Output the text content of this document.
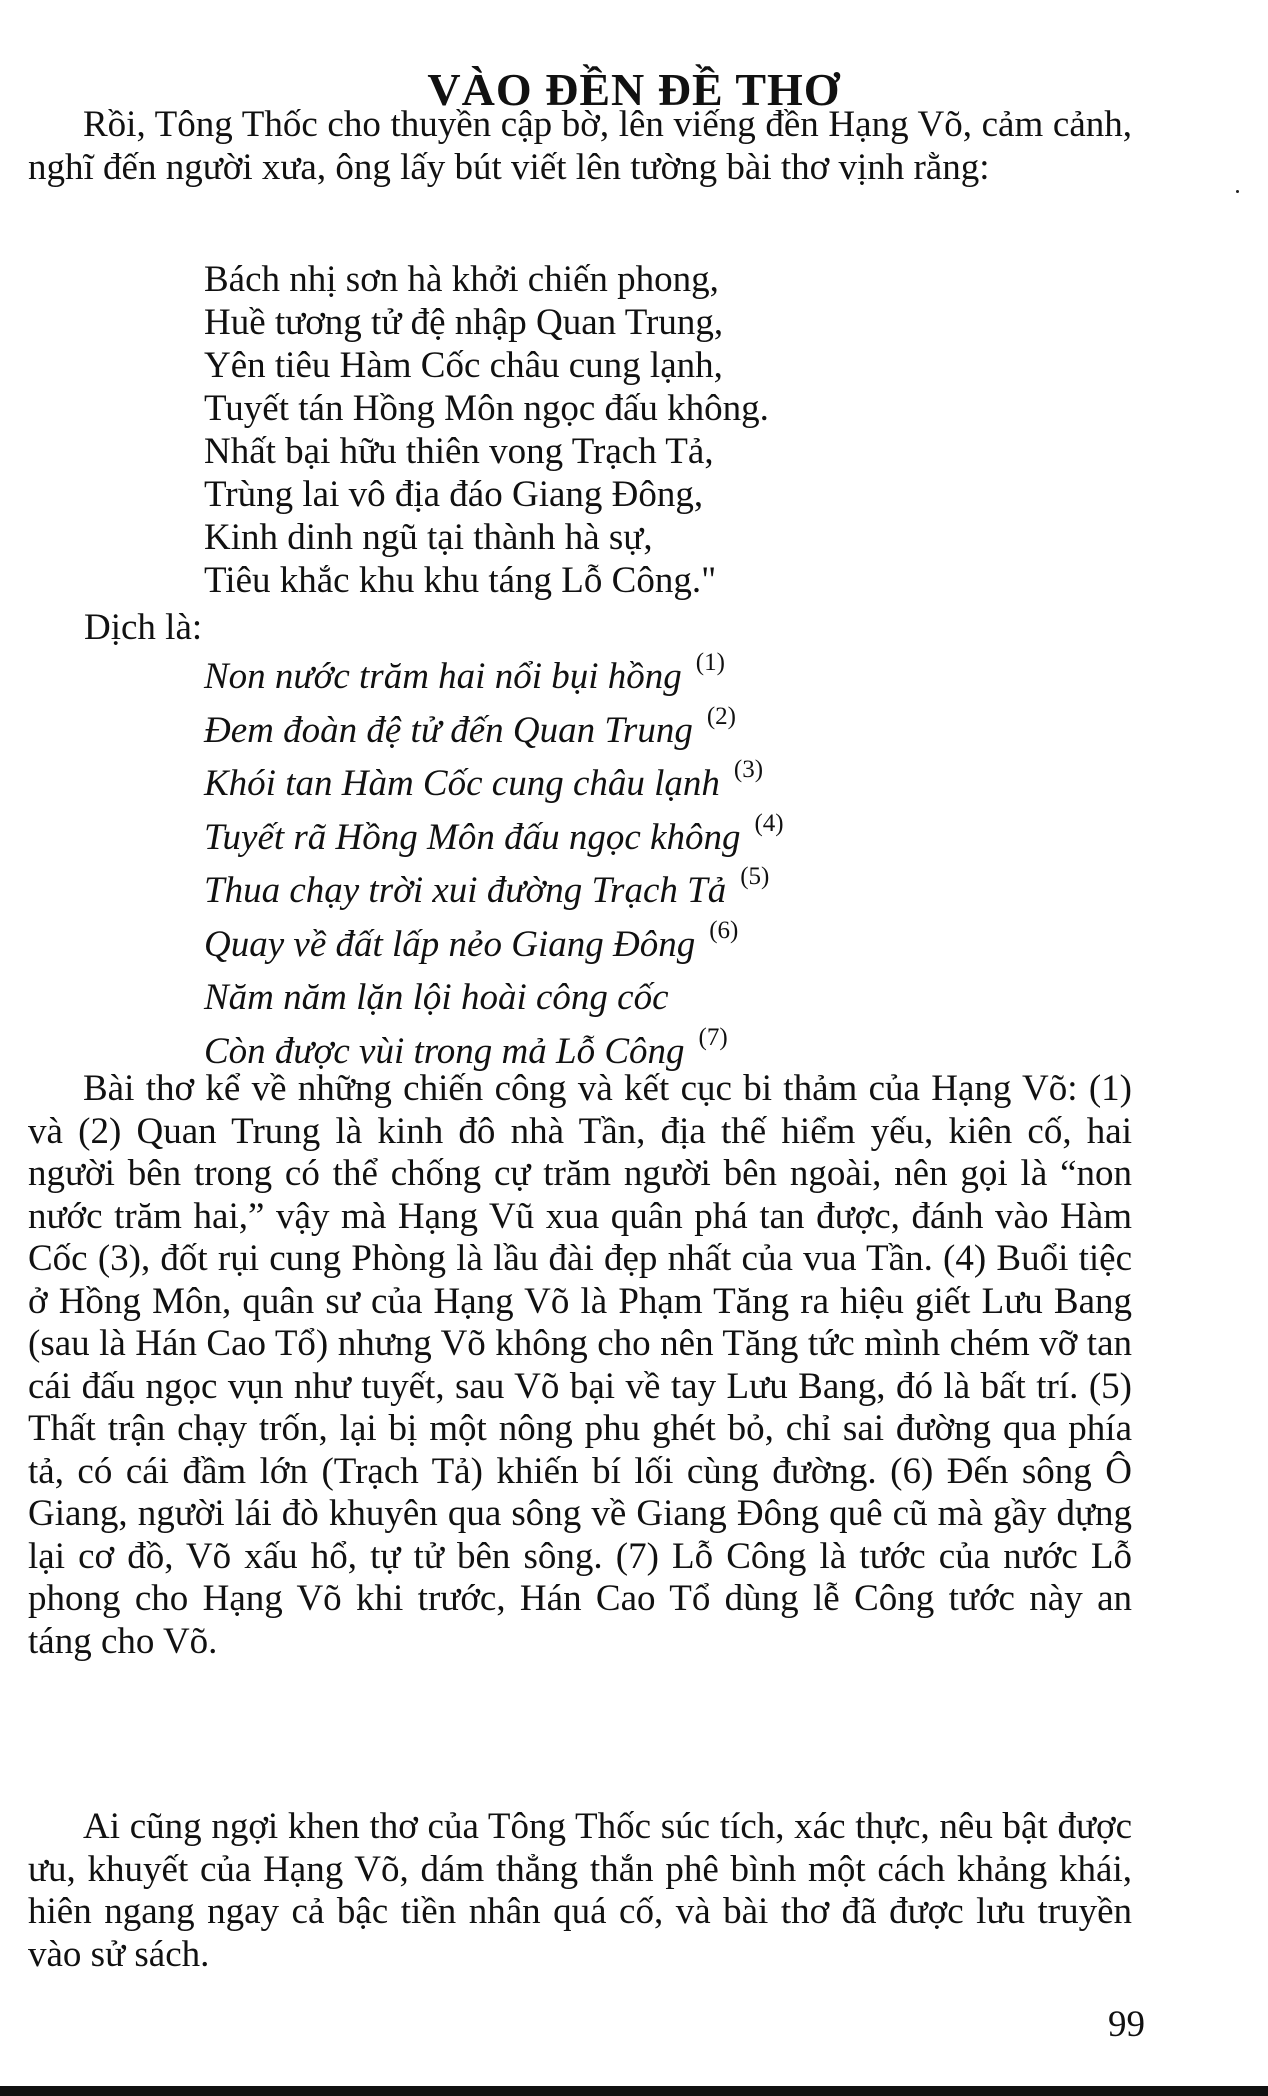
VÀO ĐỀN ĐỀ THƠ

Rồi, Tông Thốc cho thuyền cập bờ, lên viếng đền Hạng Võ, cảm cảnh, nghĩ đến người xưa, ông lấy bút viết lên tường bài thơ vịnh rằng:

Bách nhị sơn hà khởi chiến phong,
Huề tương tử đệ nhập Quan Trung,
Yên tiêu Hàm Cốc châu cung lạnh,
Tuyết tán Hồng Môn ngọc đấu không.
Nhất bại hữu thiên vong Trạch Tả,
Trùng lai vô địa đáo Giang Đông,
Kinh dinh ngũ tại thành hà sự,
Tiêu khắc khu khu táng Lỗ Công."
Dịch là:
Non nước trăm hai nổi bụi hồng $^{(1)}$
Đem đoàn đệ tử đến Quan Trung $^{(2)}$
Khói tan Hàm Cốc cung châu lạnh $^{(3)}$
Tuyết rã Hồng Môn đấu ngọc không $^{(4)}$
Thua chạy trời xui đường Trạch Tả $^{(5)}$
Quay về đất lấp nẻo Giang Đông $^{(6)}$
Năm năm lặn lội hoài công cốc
Còn được vùi trong mả Lỗ Công $^{(7)}$

Bài thơ kể về những chiến công và kết cục bi thảm của Hạng Võ: (1) và (2) Quan Trung là kinh đô nhà Tần, địa thế hiểm yếu, kiên cố, hai người bên trong có thể chống cự trăm người bên ngoài, nên gọi là “non nước trăm hai,” vậy mà Hạng Vũ xua quân phá tan được, đánh vào Hàm Cốc (3), đốt rụi cung Phòng là lầu đài đẹp nhất của vua Tần. (4) Buổi tiệc ở Hồng Môn, quân sư của Hạng Võ là Phạm Tăng ra hiệu giết Lưu Bang (sau là Hán Cao Tổ) nhưng Võ không cho nên Tăng tức mình chém vỡ tan cái đấu ngọc vụn như tuyết, sau Võ bại về tay Lưu Bang, đó là bất trí. (5) Thất trận chạy trốn, lại bị một nông phu ghét bỏ, chỉ sai đường qua phía tả, có cái đầm lớn (Trạch Tả) khiến bí lối cùng đường. (6) Đến sông Ô Giang, người lái đò khuyên qua sông về Giang Đông quê cũ mà gầy dựng lại cơ đồ, Võ xấu hổ, tự tử bên sông. (7) Lỗ Công là tước của nước Lỗ phong cho Hạng Võ khi trước, Hán Cao Tổ dùng lễ Công tước này an táng cho Võ.

Ai cũng ngợi khen thơ của Tông Thốc súc tích, xác thực, nêu bật được ưu, khuyết của Hạng Võ, dám thẳng thắn phê bình một cách khảng khái, hiên ngang ngay cả bậc tiền nhân quá cố, và bài thơ đã được lưu truyền vào sử sách.

99
